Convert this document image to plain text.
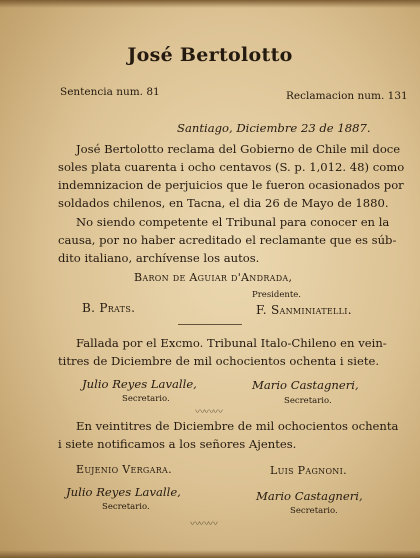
José Bertolotto
Sentencia num. 81	Reclamacion num. 131
Santiago, Diciembre 23 de 1887.
José Bertolotto reclama del Gobierno de Chile mil doce
soles plata cuarenta i ocho centavos (S. p. 1,012. 48) como
indemnizacion de perjuicios que le fueron ocasionados por
soldados chilenos, en Tacna, el dia 26 de Mayo de 1880.
No siendo competente el Tribunal para conocer en la
causa, por no haber acreditado el reclamante que es súb-
dito italiano, archívense los autos.
Baron de Aguiar d'Andrada,
Presidente.
B. Prats.	F. Sanminiatelli.
Fallada por el Excmo. Tribunal Italo-Chileno en vein-
titres de Diciembre de mil ochocientos ochenta i siete.
Julio Reyes Lavalle,
Secretario.
Mario Castagneri,
Secretario.
〰〰〰
En veintitres de Diciembre de mil ochocientos ochenta
i siete notificamos a los señores Ajentes.
Eujenio Vergara.	Luis Pagnoni.
Julio Reyes Lavalle,
Secretario.
Mario Castagneri,
Secretario.
〰〰〰
